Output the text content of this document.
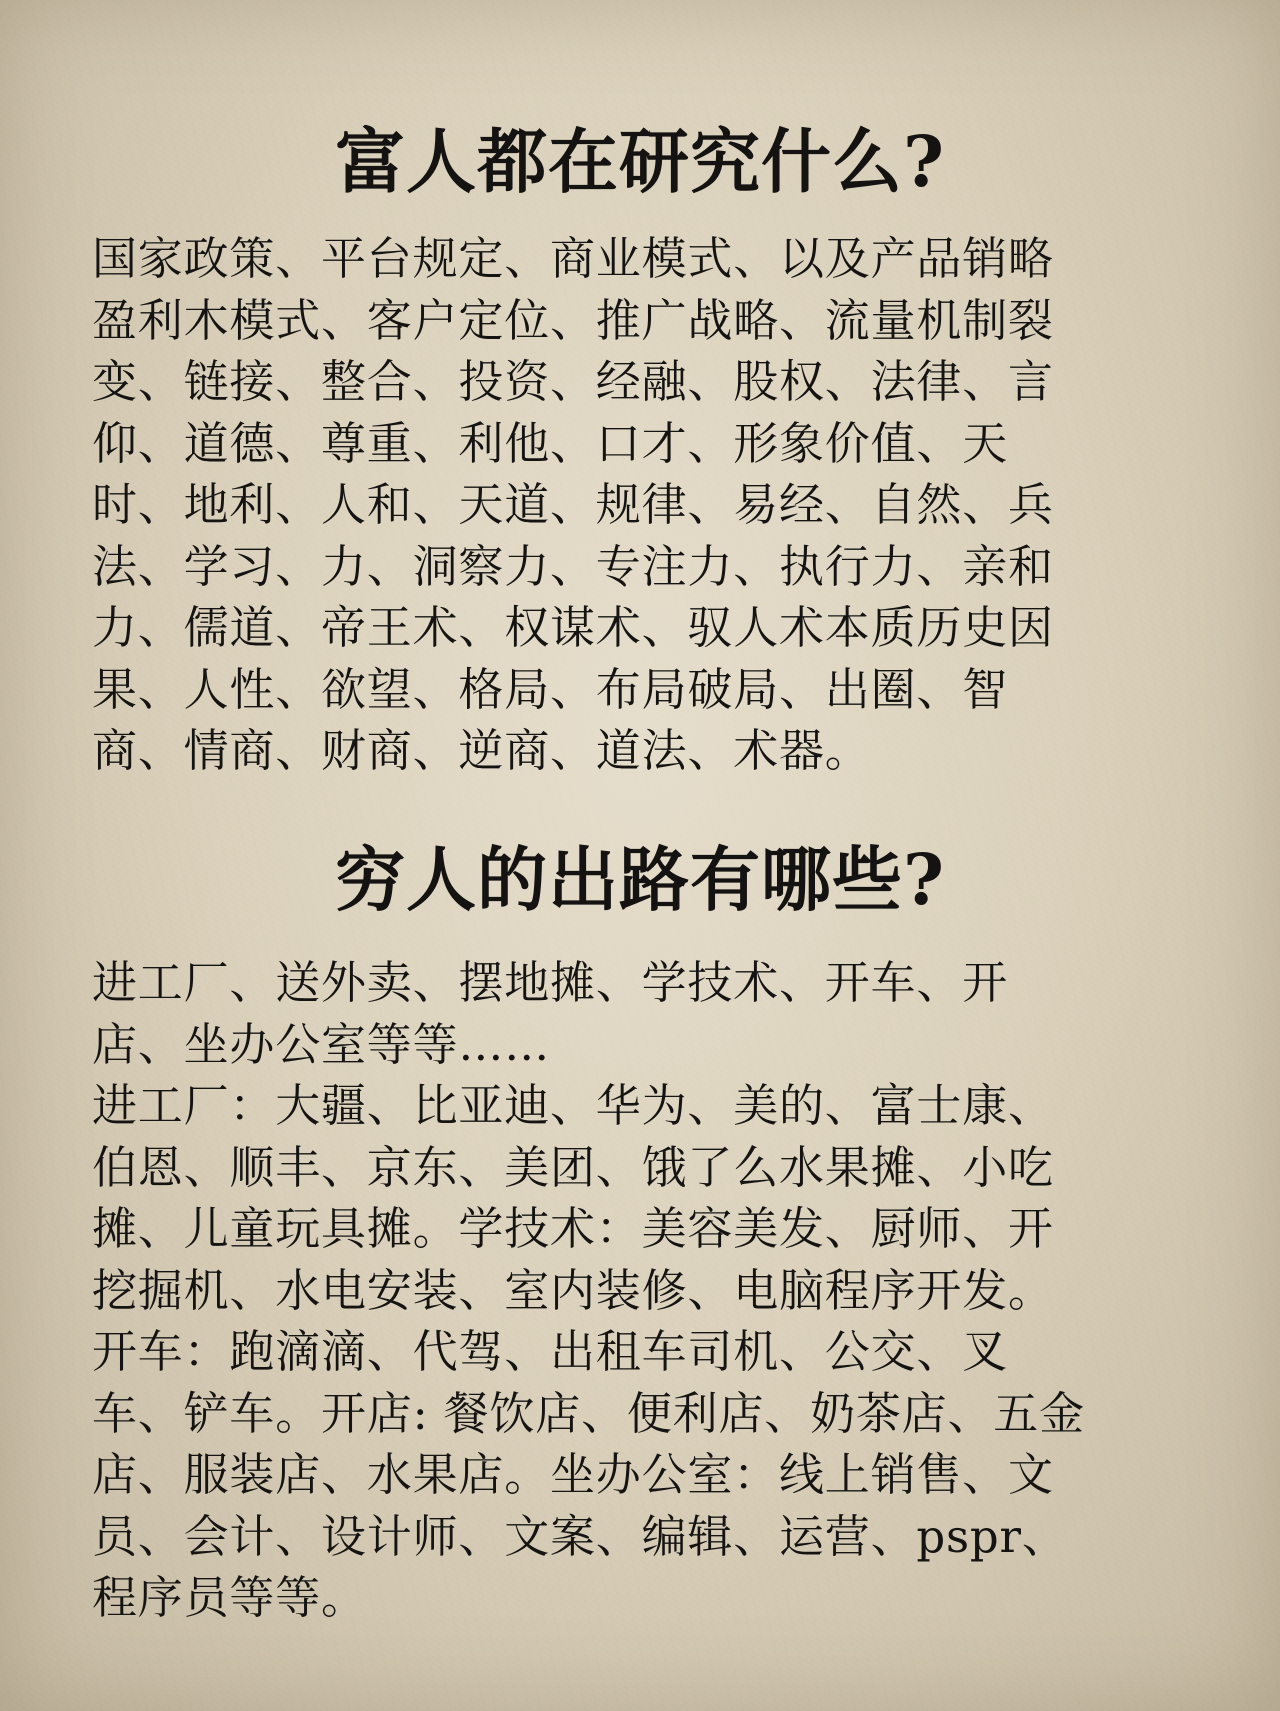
富人都在研究什么?
国家政策、平台规定、商业模式、以及产品销略
盈利木模式、客户定位、推广战略、流量机制裂
变、链接、整合、投资、经融、股权、法律、言
仰、道德、尊重、利他、口才、形象价值、天
时、地利、人和、天道、规律、易经、自然、兵
法、学习、力、洞察力、专注力、执行力、亲和
力、儒道、帝王术、权谋术、驭人术本质历史因
果、人性、欲望、格局、布局破局、出圈、智
商、情商、财商、逆商、道法、术器。
穷人的出路有哪些?
进工厂、送外卖、摆地摊、学技术、开车、开
店、坐办公室等等……
进工厂：大疆、比亚迪、华为、美的、富士康、
伯恩、顺丰、京东、美团、饿了么水果摊、小吃
摊、儿童玩具摊。学技术：美容美发、厨师、开
挖掘机、水电安装、室内装修、电脑程序开发。
开车：跑滴滴、代驾、出租车司机、公交、叉
车、铲车。开店: 餐饮店、便利店、奶茶店、五金
店、服装店、水果店。坐办公室：线上销售、文
员、会计、设计师、文案、编辑、运营、pspr、
程序员等等。
